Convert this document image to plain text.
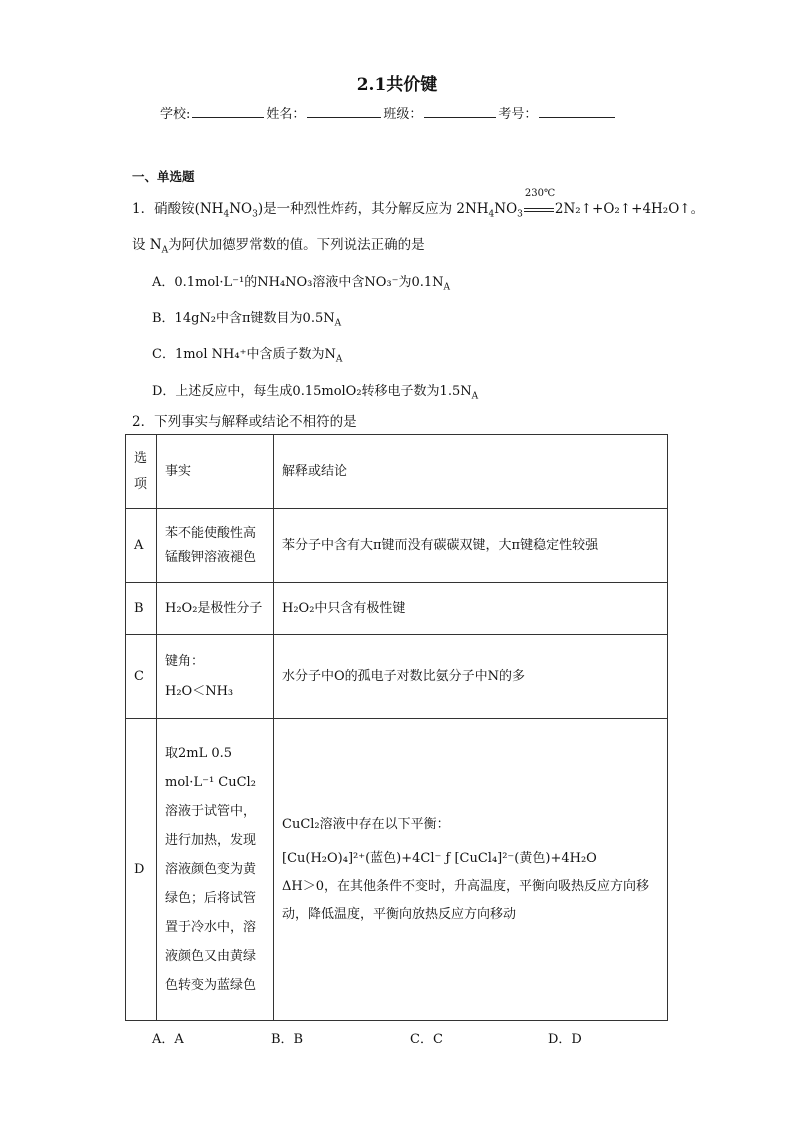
2.1共价键
学校:	姓名：	班级：	考号：
一、单选题
1．硝酸铵$(NH_4NO_3)$是一种烈性炸药，其分解反应为 $2NH_4NO_3$
230℃
2N₂↑+O₂↑+4H₂O↑。
设 $N_A$为阿伏加德罗常数的值。下列说法正确的是
A．0.1mol·L⁻¹的NH₄NO₃溶液中含NO₃⁻为$0.1N_A$
B．14gN₂中含π键数目为$0.5N_A$
C．1mol NH₄⁺中含质子数为$N_A$
D．上述反应中，每生成0.15molO₂转移电子数为$1.5N_A$
2．下列事实与解释或结论不相符的是
选项	事实	解释或结论
A	苯不能使酸性高锰酸钾溶液褪色	苯分子中含有大π键而没有碳碳双键，大π键稳定性较强
B	H₂O₂是极性分子	H₂O₂中只含有极性键
C	键角：
H₂O＜NH₃	水分子中O的孤电子对数比氨分子中N的多
D	取2mL 0.5 mol·L⁻¹ CuCl₂溶液于试管中，进行加热，发现溶液颜色变为黄绿色；后将试管置于冷水中，溶液颜色又由黄绿色转变为蓝绿色	CuCl₂溶液中存在以下平衡：
[Cu(H₂O)₄]²⁺(蓝色)+4Cl⁻ ƒ [CuCl₄]²⁻(黄色)+4H₂O
ΔH＞0，在其他条件不变时，升高温度，平衡向吸热反应方向移动，降低温度，平衡向放热反应方向移动
A．A	B．B	C．C	D．D
